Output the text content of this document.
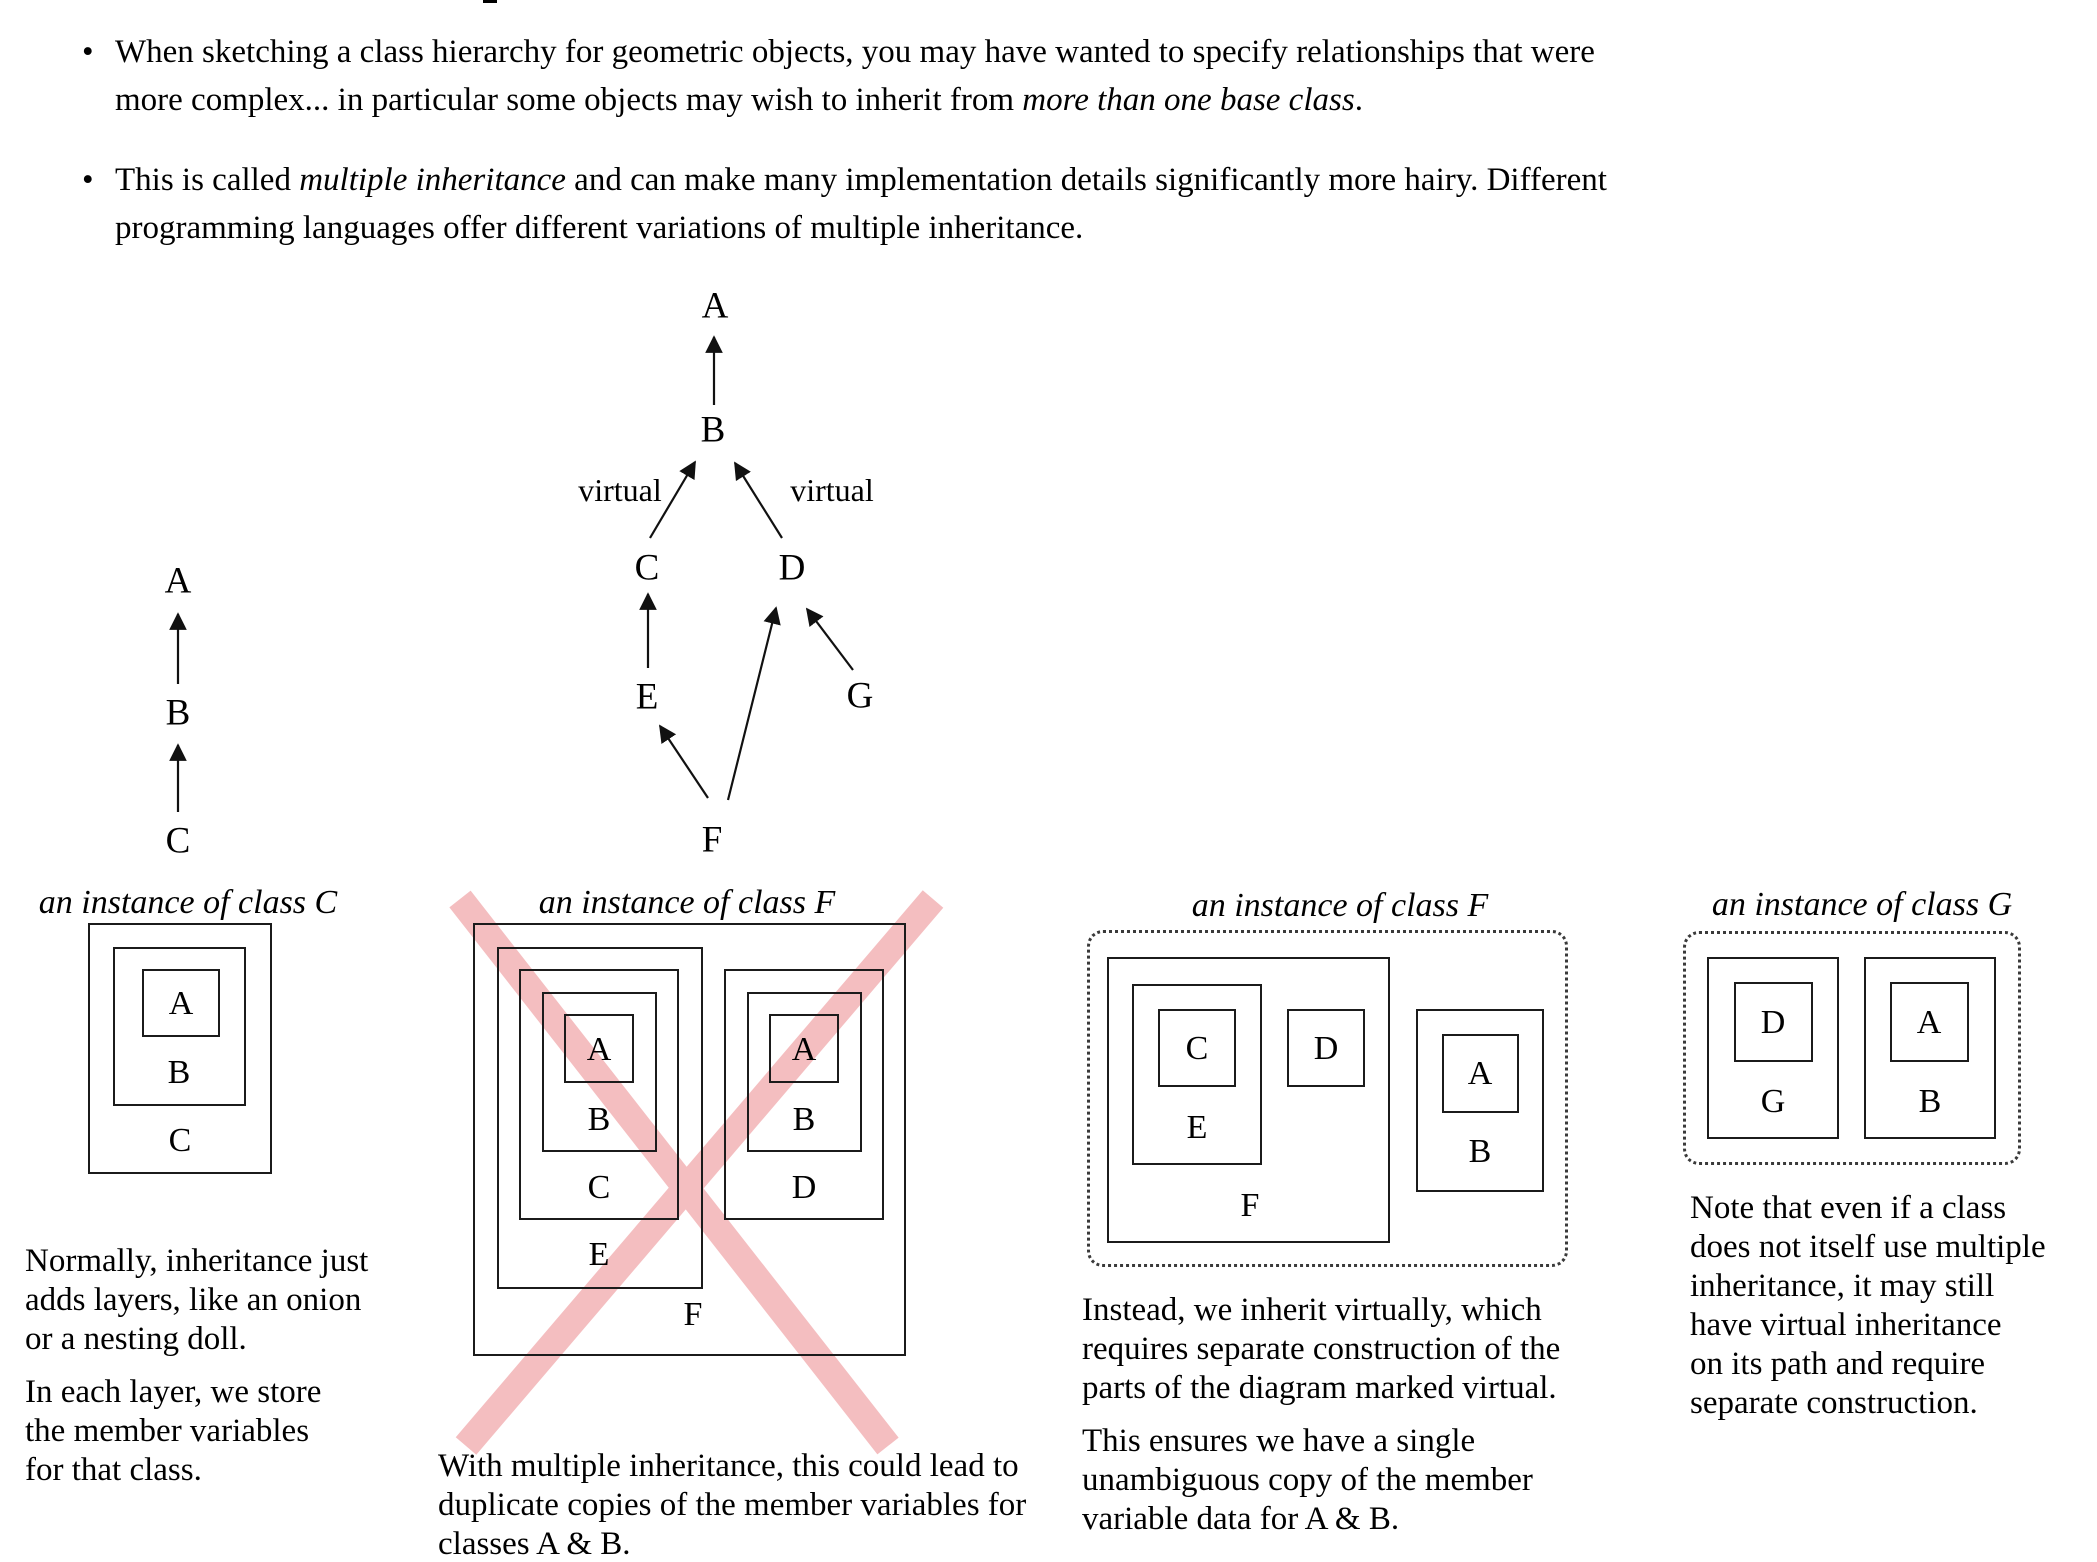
• When sketching a class hierarchy for geometric objects, you may have wanted to specify relationships that were
more complex... in particular some objects may wish to inherit from more than one base class.
• This is called multiple inheritance and can make many implementation details significantly more hairy. Different
programming languages offer different variations of multiple inheritance.
A
B
C
A
B
virtual	virtual
C	D
E	G
F
an instance of class C
A
B
C
Normally, inheritance just
adds layers, like an onion
or a nesting doll.
In each layer, we store
the member variables
for that class.
an instance of class F
A
B
C
E
F
A
B
D
With multiple inheritance, this could lead to
duplicate copies of the member variables for
classes A & B.
an instance of class F
C	D
E
F
A
B
Instead, we inherit virtually, which
requires separate construction of the
parts of the diagram marked virtual.
This ensures we have a single
unambiguous copy of the member
variable data for A & B.
an instance of class G
D
G
A
B
Note that even if a class
does not itself use multiple
inheritance, it may still
have virtual inheritance
on its path and require
separate construction.
